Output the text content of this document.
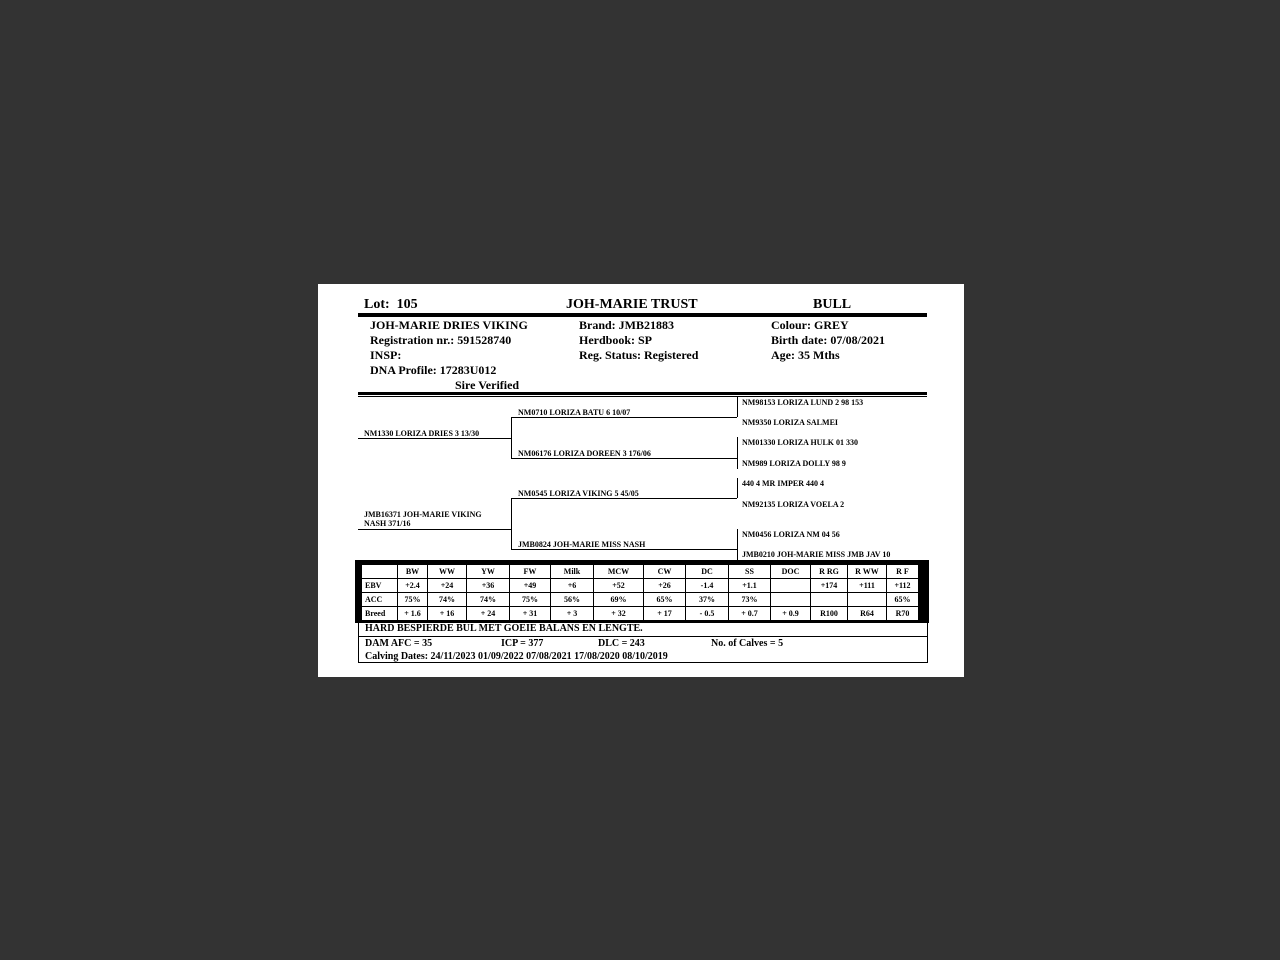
Lot: 105	JOH-MARIE TRUST	BULL
JOH-MARIE DRIES VIKING
Registration nr.: 591528740
INSP:
DNA Profile: 17283U012
Sire Verified
Brand: JMB21883
Herdbook: SP
Reg. Status: Registered
Colour: GREY
Birth date: 07/08/2021
Age: 35 Mths
NM1330 LORIZA DRIES 3 13/30
JMB16371 JOH-MARIE VIKING
NASH 371/16
NM0710 LORIZA BATU 6 10/07
NM06176 LORIZA DOREEN 3 176/06
NM0545 LORIZA VIKING 5 45/05
JMB0824 JOH-MARIE MISS NASH
NM98153 LORIZA LUND 2 98 153
NM9350 LORIZA SALMEI
NM01330 LORIZA HULK 01 330
NM989 LORIZA DOLLY 98 9
440 4 MR IMPER 440 4
NM92135 LORIZA VOELA 2
NM0456 LORIZA NM 04 56
JMB0210 JOH-MARIE MISS JMB JAV 10
	BW	WW	YW	FW	Milk	MCW	CW	DC	SS	DOC	R RG	R WW	R F
EBV	+2.4	+24	+36	+49	+6	+52	+26	-1.4	+1.1		+174	+111	+112
ACC	75%	74%	74%	75%	56%	69%	65%	37%	73%				65%
Breed	+ 1.6	+ 16	+ 24	+ 31	+ 3	+ 32	+ 17	- 0.5	+ 0.7	+ 0.9	R100	R64	R70
HARD BESPIERDE BUL MET GOEIE BALANS EN LENGTE.
DAM AFC = 35	ICP = 377	DLC = 243	No. of Calves = 5
Calving Dates: 24/11/2023 01/09/2022 07/08/2021 17/08/2020 08/10/2019
